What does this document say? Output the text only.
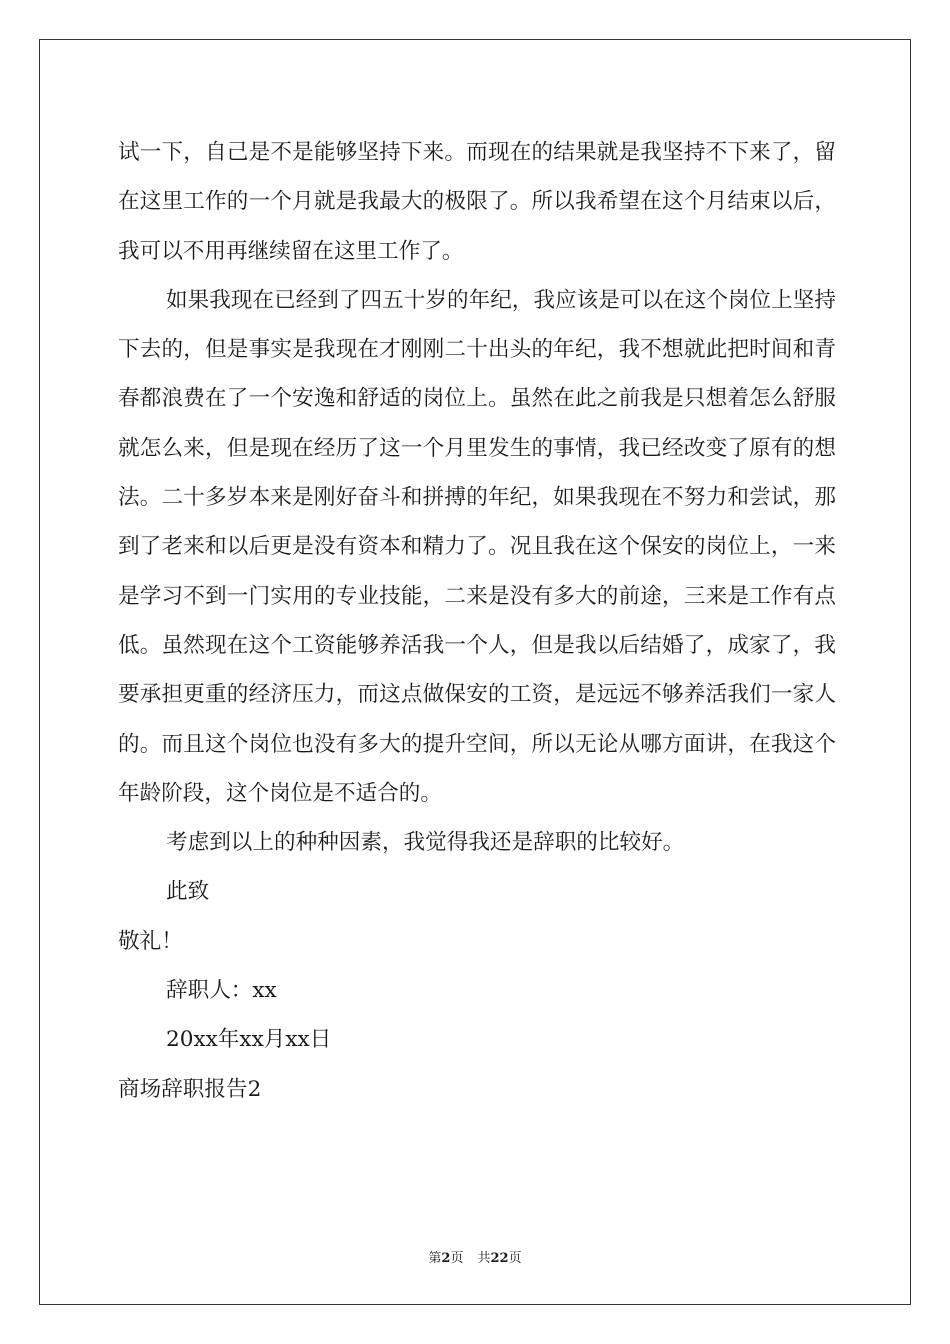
试一下，自己是不是能够坚持下来。而现在的结果就是我坚持不下来了，留在这里工作的一个月就是我最大的极限了。所以我希望在这个月结束以后，我可以不用再继续留在这里工作了。

如果我现在已经到了四五十岁的年纪，我应该是可以在这个岗位上坚持下去的，但是事实是我现在才刚刚二十出头的年纪，我不想就此把时间和青春都浪费在了一个安逸和舒适的岗位上。虽然在此之前我是只想着怎么舒服就怎么来，但是现在经历了这一个月里发生的事情，我已经改变了原有的想法。二十多岁本来是刚好奋斗和拼搏的年纪，如果我现在不努力和尝试，那到了老来和以后更是没有资本和精力了。况且我在这个保安的岗位上，一来是学习不到一门实用的专业技能，二来是没有多大的前途，三来是工作有点低。虽然现在这个工资能够养活我一个人，但是我以后结婚了，成家了，我要承担更重的经济压力，而这点做保安的工资，是远远不够养活我们一家人的。而且这个岗位也没有多大的提升空间，所以无论从哪方面讲，在我这个年龄阶段，这个岗位是不适合的。

考虑到以上的种种因素，我觉得我还是辞职的比较好。

此致

敬礼！

辞职人：xx

20xx年xx月xx日

商场辞职报告2

第2页 共22页
